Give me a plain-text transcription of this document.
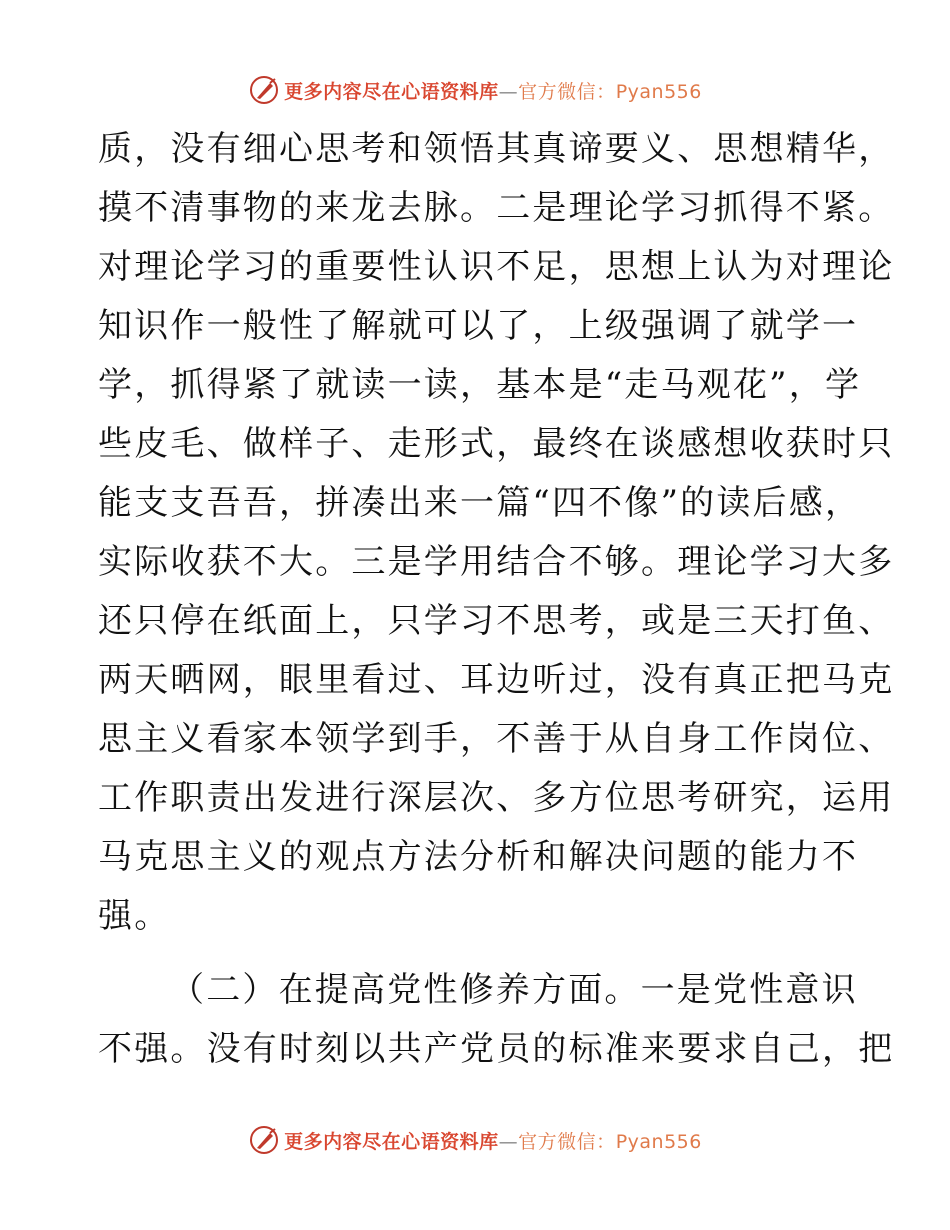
更多内容尽在心语资料库—官方微信：Pyan556
质，没有细心思考和领悟其真谛要义、思想精华，
摸不清事物的来龙去脉。二是理论学习抓得不紧。
对理论学习的重要性认识不足，思想上认为对理论
知识作一般性了解就可以了，上级强调了就学一
学，抓得紧了就读一读，基本是“走马观花”，学
些皮毛、做样子、走形式，最终在谈感想收获时只
能支支吾吾，拼凑出来一篇“四不像”的读后感，
实际收获不大。三是学用结合不够。理论学习大多
还只停在纸面上，只学习不思考，或是三天打鱼、
两天晒网，眼里看过、耳边听过，没有真正把马克
思主义看家本领学到手，不善于从自身工作岗位、
工作职责出发进行深层次、多方位思考研究，运用
马克思主义的观点方法分析和解决问题的能力不
强。
（二）在提高党性修养方面。一是党性意识
不强。没有时刻以共产党员的标准来要求自己，把
更多内容尽在心语资料库—官方微信：Pyan556
